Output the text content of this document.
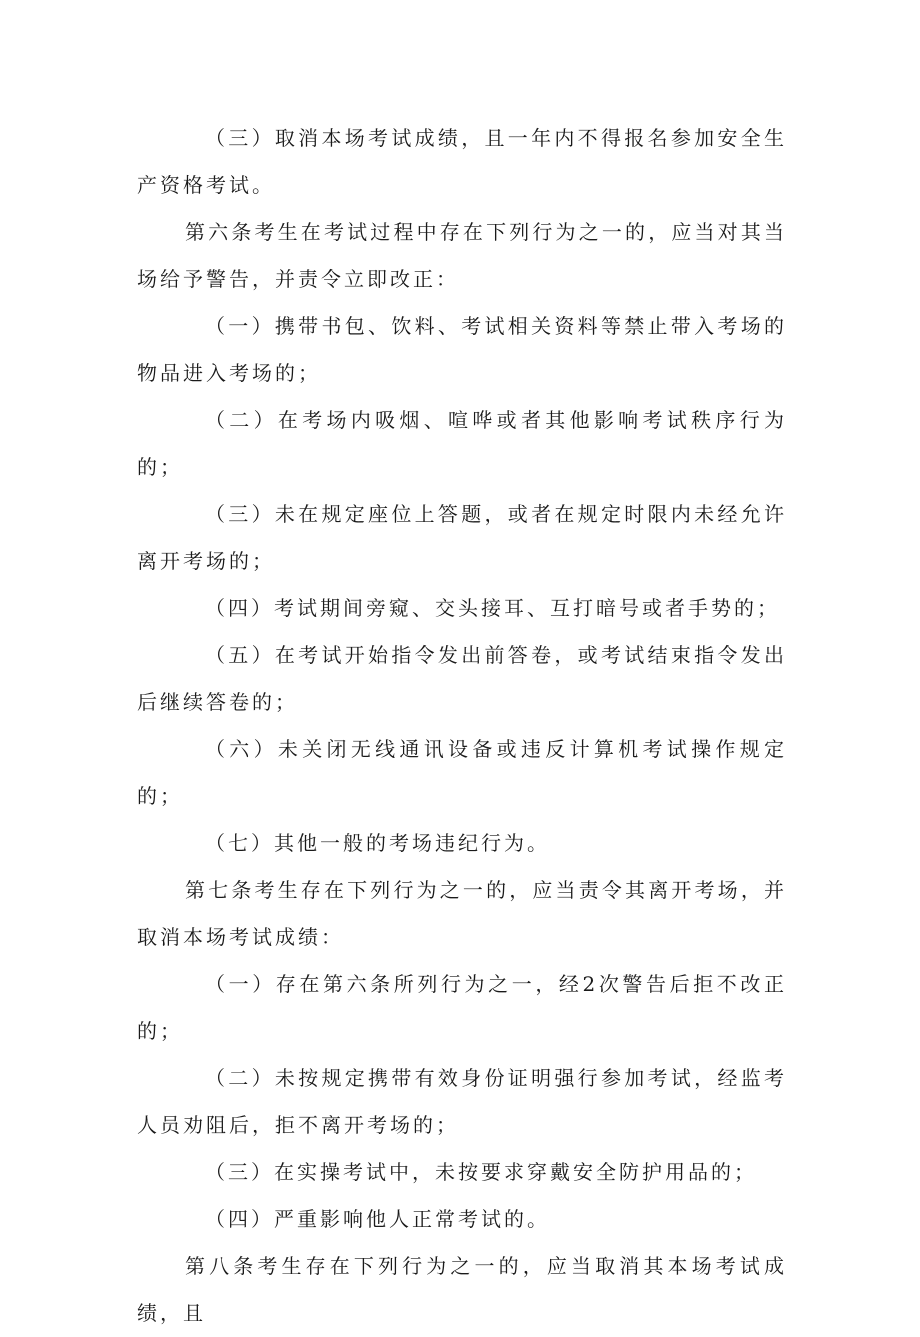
（三）取消本场考试成绩，且一年内不得报名参加安全生产资格考试。

第六条考生在考试过程中存在下列行为之一的，应当对其当场给予警告，并责令立即改正：

（一）携带书包、饮料、考试相关资料等禁止带入考场的物品进入考场的；

（二）在考场内吸烟、喧哗或者其他影响考试秩序行为的；

（三）未在规定座位上答题，或者在规定时限内未经允许离开考场的；

（四）考试期间旁窥、交头接耳、互打暗号或者手势的；

（五）在考试开始指令发出前答卷，或考试结束指令发出后继续答卷的；

（六）未关闭无线通讯设备或违反计算机考试操作规定的；

（七）其他一般的考场违纪行为。

第七条考生存在下列行为之一的，应当责令其离开考场，并取消本场考试成绩：

（一）存在第六条所列行为之一，经2次警告后拒不改正的；

（二）未按规定携带有效身份证明强行参加考试，经监考人员劝阻后，拒不离开考场的；

（三）在实操考试中，未按要求穿戴安全防护用品的；

（四）严重影响他人正常考试的。

第八条考生存在下列行为之一的，应当取消其本场考试成绩，且
